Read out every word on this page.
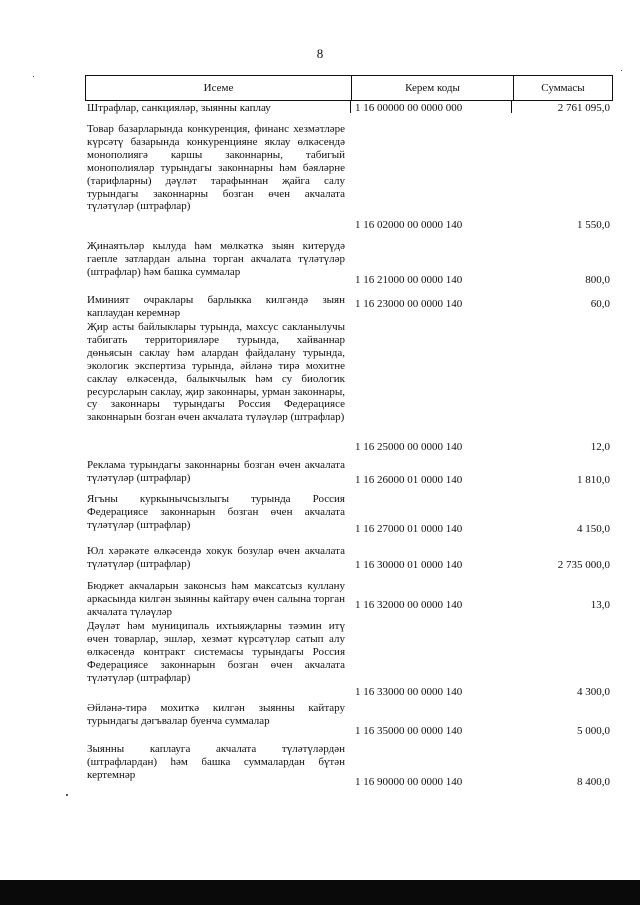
8
Исеме	Керем коды	Суммасы
Штрафлар, санкцияләр, зыянны каплау	1 16 00000 00 0000 000	2 761 095,0
Товар базарларында конкуренция, финанс хезмәтләре күрсәтү базарында конкуренцияне яклау өлкәсендә монополиягә каршы законнарны, табигый монополияләр турындагы законнарны һәм бәяләрне (тарифларны) дәүләт тарафыннан җайга салу турындагы законнарны бозган өчен акчалата түләтүләр (штрафлар)
1 16 02000 00 0000 140	1 550,0
Җинаятьләр кылуда һәм мөлкәткә зыян китерүдә гаепле затлардан алына торган акчалата түләтүләр (штрафлар) һәм башка суммалар
1 16 21000 00 0000 140	800,0
Иминият очраклары барлыкка килгәндә зыян каплаудан керемнәр
1 16 23000 00 0000 140	60,0
Җир асты байлыклары турында, махсус сакланылучы табигать территорияләре турында, хайваннар дөньясын саклау һәм алардан файдалану турында, экологик экспертиза турында, әйләнә тирә мохитне саклау өлкәсендә, балыкчылык һәм су биологик ресурсларын саклау, җир законнары, урман законнары, су законнары турындагы Россия Федерациясе законнарын бозган өчен акчалата түләүләр (штрафлар)
1 16 25000 00 0000 140	12,0
Реклама турындагы законнарны бозган өчен акчалата түләтүләр (штрафлар)	1 16 26000 01 0000 140	1 810,0
Ягъны куркынычсызлыгы турында Россия Федерациясе законнарын бозган өчен акчалата түләтүләр (штрафлар)	1 16 27000 01 0000 140	4 150,0
Юл хәрәкәте өлкәсендә хокук бозулар өчен акчалата түләтүләр (штрафлар)	1 16 30000 01 0000 140	2 735 000,0
Бюджет акчаларын законсыз һәм максатсыз куллану аркасында килгән зыянны кайтару өчен салына торган акчалата түләүләр
1 16 32000 00 0000 140	13,0
Дәүләт һәм муниципаль ихтыяҗларны тәэмин итү өчен товарлар, эшләр, хезмәт күрсәтүләр сатып алу өлкәсендә контракт системасы турындагы Россия Федерациясе законнарын бозган өчен акчалата түләтүләр (штрафлар)
1 16 33000 00 0000 140	4 300,0
Әйләнә-тирә мохиткә килгән зыянны кайтару турындагы дәгъвалар буенча суммалар
1 16 35000 00 0000 140	5 000,0
Зыянны каплауга акчалата түләтүләрдән (штрафлардан) һәм башка суммалардан бүтән кертемнәр
1 16 90000 00 0000 140	8 400,0
